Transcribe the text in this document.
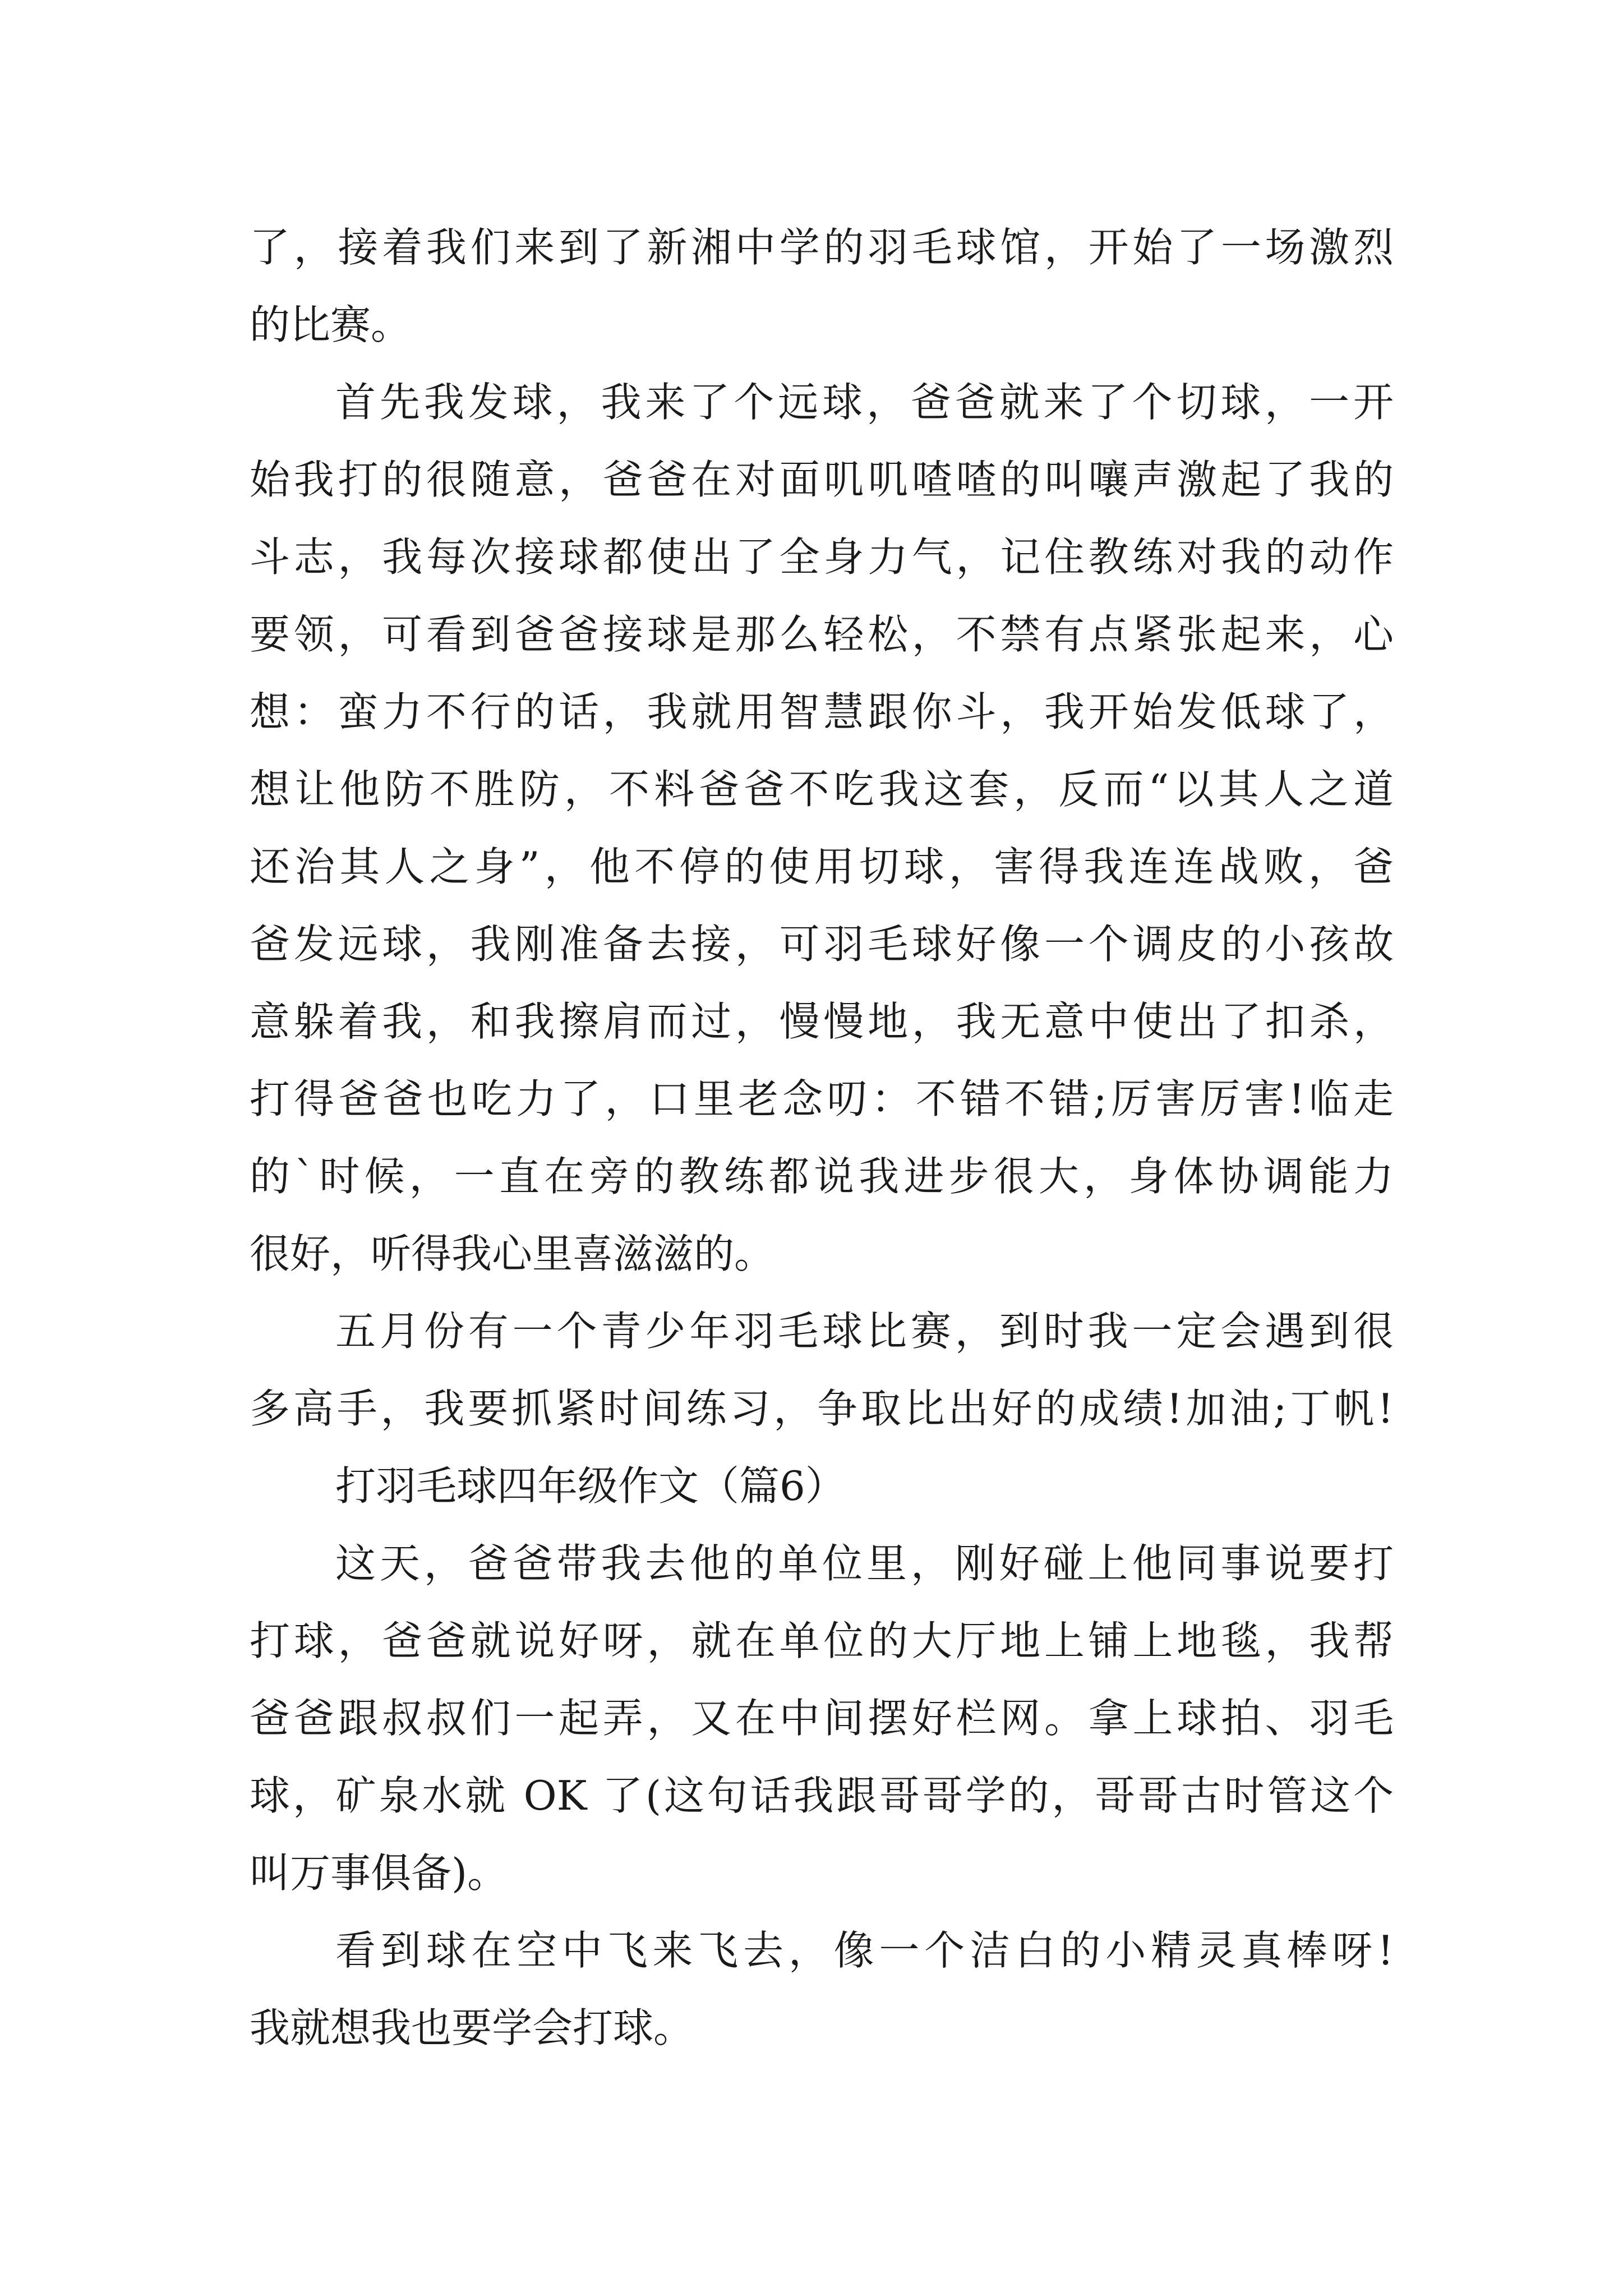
了，接着我们来到了新湘中学的羽毛球馆，开始了一场激烈
的比赛。
首先我发球，我来了个远球，爸爸就来了个切球，一开
始我打的很随意，爸爸在对面叽叽喳喳的叫嚷声激起了我的
斗志，我每次接球都使出了全身力气，记住教练对我的动作
要领，可看到爸爸接球是那么轻松，不禁有点紧张起来，心
想：蛮力不行的话，我就用智慧跟你斗，我开始发低球了，
想让他防不胜防，不料爸爸不吃我这套，反而“以其人之道
还治其人之身”，他不停的使用切球，害得我连连战败，爸
爸发远球，我刚准备去接，可羽毛球好像一个调皮的小孩故
意躲着我，和我擦肩而过，慢慢地，我无意中使出了扣杀，
打得爸爸也吃力了，口里老念叨：不错不错;厉害厉害!临走
的`时候，一直在旁的教练都说我进步很大，身体协调能力
很好，听得我心里喜滋滋的。
五月份有一个青少年羽毛球比赛，到时我一定会遇到很
多高手，我要抓紧时间练习，争取比出好的成绩!加油;丁帆!
打羽毛球四年级作文（篇6）
这天，爸爸带我去他的单位里，刚好碰上他同事说要打
打球，爸爸就说好呀，就在单位的大厅地上铺上地毯，我帮
爸爸跟叔叔们一起弄，又在中间摆好栏网。拿上球拍、羽毛
球，矿泉水就 OK 了(这句话我跟哥哥学的，哥哥古时管这个
叫万事俱备)。
看到球在空中飞来飞去，像一个洁白的小精灵真棒呀!
我就想我也要学会打球。
